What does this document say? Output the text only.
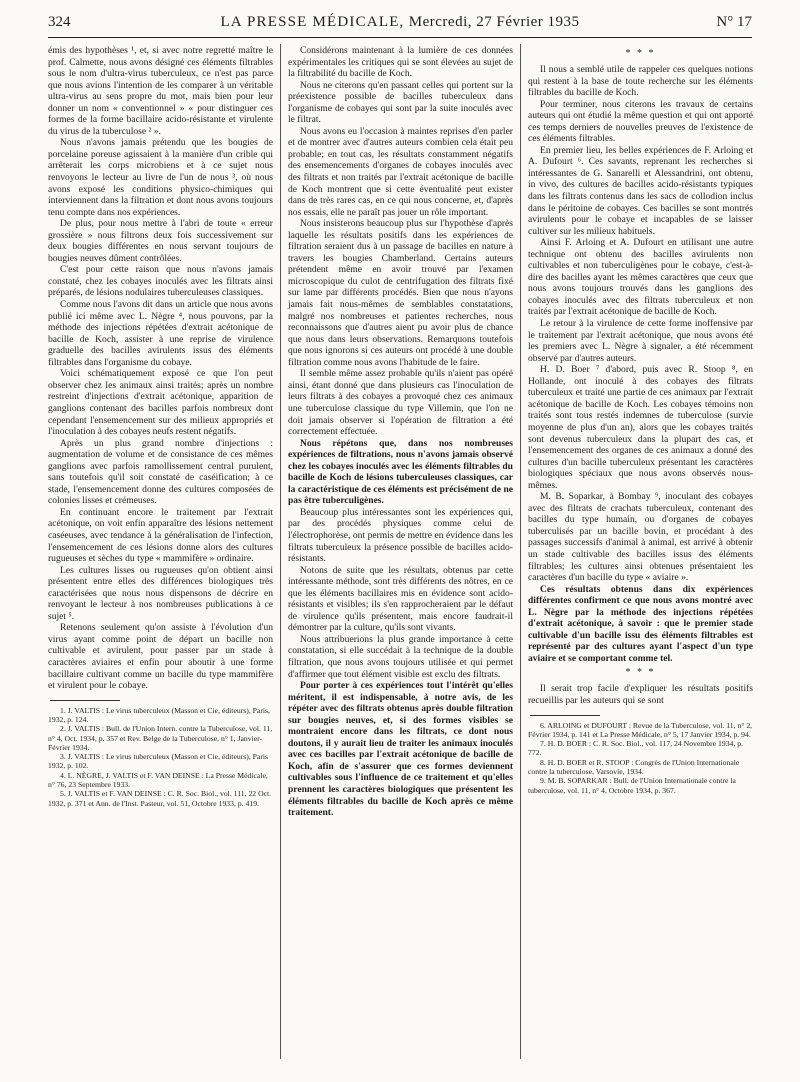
324	LA PRESSE MÉDICALE, Mercredi, 27 Février 1935	N° 17

émis des hypothèses ¹, et, si avec notre regretté maître le prof. Calmette, nous avons désigné ces éléments filtrables sous le nom d'ultra-virus tuberculeux, ce n'est pas parce que nous avions l'intention de les comparer à un véritable ultra-virus au sens propre du mot, mais bien pour leur donner un nom « conventionnel » « pour distinguer ces formes de la forme bacillaire acido-résistante et virulente du virus de la tuberculose ² ».

Nous n'avons jamais prétendu que les bougies de porcelaine poreuse agissaient à la manière d'un crible qui arrêterait les corps microbiens et à ce sujet nous renvoyons le lecteur au livre de l'un de nous ³, où nous avons exposé les conditions physico-chimiques qui interviennent dans la filtration et dont nous avons toujours tenu compte dans nos expériences.

De plus, pour nous mettre à l'abri de toute « erreur grossière » nous filtrons deux fois successivement sur deux bougies différentes en nous servant toujours de bougies neuves dûment contrôlées.

C'est pour cette raison que nous n'avons jamais constaté, chez les cobayes inoculés avec les filtrats ainsi préparés, de lésions nodulaires tuberculeuses classiques.

Comme nous l'avons dit dans un article que nous avons publié ici même avec L. Nègre ⁴, nous pouvons, par la méthode des injections répétées d'extrait acétonique de bacille de Koch, assister à une reprise de virulence graduelle des bacilles avirulents issus des éléments filtrables dans l'organisme du cobaye.

Voici schématiquement exposé ce que l'on peut observer chez les animaux ainsi traités; après un nombre restreint d'injections d'extrait acétonique, apparition de ganglions contenant des bacilles parfois nombreux dont cependant l'ensemencement sur des milieux appropriés et l'inoculation à des cobayes neufs restent négatifs.

Après un plus grand nombre d'injections : augmentation de volume et de consistance de ces mêmes ganglions avec parfois ramollissement central purulent, sans toutefois qu'il soit constaté de caséification; à ce stade, l'ensemencement donne des cultures composées de colonies lisses et crémeuses.

En continuant encore le traitement par l'extrait acétonique, on voit enfin apparaître des lésions nettement caséeuses, avec tendance à la généralisation de l'infection, l'ensemencement de ces lésions donne alors des cultures rugueuses et sèches du type « mammifère » ordinaire.

Les cultures lisses ou rugueuses qu'on obtient ainsi présentent entre elles des différences biologiques très caractérisées que nous nous dispensons de décrire en renvoyant le lecteur à nos nombreuses publications à ce sujet ⁵.

Retenons seulement qu'on assiste à l'évolution d'un virus ayant comme point de départ un bacille non cultivable et avirulent, pour passer par un stade à caractères aviaires et enfin pour aboutir à une forme bacillaire cultivant comme un bacille du type mammifère et virulent pour le cobaye.

1. J. VALTIS : Le virus tuberculeux (Masson et Cie, éditeurs), Paris, 1932, p. 124.

2. J. VALTIS : Bull. de l'Union Intern. contre la Tuberculose, vol. 11, n° 4, Oct. 1934, p. 357 et Rev. Belge de la Tuberculose, n° 1, Janvier-Février 1934.

3. J. VALTIS : Le virus tuberculeux (Masson et Cie, éditeurs), Paris 1932, p. 102.

4. L. NÈGRE, J. VALTIS et F. VAN DEINSE : La Presse Médicale, n° 76, 23 Septembre 1933.

5. J. VALTIS et F. VAN DEINSE : C. R. Soc. Biol., vol. 111, 22 Oct. 1932, p. 371 et Ann. de l'Inst. Pasteur, vol. 51, Octobre 1933, p. 419.

Considérons maintenant à la lumière de ces données expérimentales les critiques qui se sont élevées au sujet de la filtrabilité du bacille de Koch.

Nous ne citerons qu'en passant celles qui portent sur la préexistence possible de bacilles tuberculeux dans l'organisme de cobayes qui sont par la suite inoculés avec le filtrat.

Nous avons eu l'occasion à maintes reprises d'en parler et de montrer avec d'autres auteurs combien cela était peu probable; en tout cas, les résultats constamment négatifs des ensemencements d'organes de cobayes inoculés avec des filtrats et non traités par l'extrait acétonique de bacille de Koch montrent que si cette éventualité peut exister dans de très rares cas, en ce qui nous concerne, et, d'après nos essais, elle ne paraît pas jouer un rôle important.

Nous insisterons beaucoup plus sur l'hypothèse d'après laquelle les résultats positifs dans les expériences de filtration seraient dus à un passage de bacilles en nature à travers les bougies Chamberland. Certains auteurs prétendent même en avoir trouvé par l'examen microscopique du culot de centrifugation des filtrats fixé sur lame par différents procédés. Bien que nous n'ayons jamais fait nous-mêmes de semblables constatations, malgré nos nombreuses et patientes recherches, nous reconnaissons que d'autres aient pu avoir plus de chance que nous dans leurs observations. Remarquons toutefois que nous ignorons si ces auteurs ont procédé à une double filtration comme nous avons l'habitude de le faire.

Il semble même assez probable qu'ils n'aient pas opéré ainsi, étant donné que dans plusieurs cas l'inoculation de leurs filtrats à des cobayes a provoqué chez ces animaux une tuberculose classique du type Villemin, que l'on ne doit jamais observer si l'opération de filtration a été correctement effectuée.

Nous répétons que, dans nos nombreuses expériences de filtrations, nous n'avons jamais observé chez les cobayes inoculés avec les éléments filtrables du bacille de Koch de lésions tuberculeuses classiques, car la caractéristique de ces éléments est précisément de ne pas être tuberculigènes.

Beaucoup plus intéressantes sont les expériences qui, par des procédés physiques comme celui de l'électrophorèse, ont permis de mettre en évidence dans les filtrats tuberculeux la présence possible de bacilles acido-résistants.

Notons de suite que les résultats, obtenus par cette intéressante méthode, sont très différents des nôtres, en ce que les éléments bacillaires mis en évidence sont acido-résistants et visibles; ils s'en rapprocheraient par le défaut de virulence qu'ils présentent, mais encore faudrait-il démontrer par la culture, qu'ils sont vivants.

Nous attribuerions la plus grande importance à cette constatation, si elle succédait à la technique de la double filtration, que nous avons toujours utilisée et qui permet d'affirmer que tout élément visible est exclu des filtrats.

Pour porter à ces expériences tout l'intérêt qu'elles méritent, il est indispensable, à notre avis, de les répéter avec des filtrats obtenus après double filtration sur bougies neuves, et, si des formes visibles se montraient encore dans les filtrats, ce dont nous doutons, il y aurait lieu de traiter les animaux inoculés avec ces bacilles par l'extrait acétonique de bacille de Koch, afin de s'assurer que ces formes deviennent cultivables sous l'influence de ce traitement et qu'elles prennent les caractères biologiques que présentent les éléments filtrables du bacille de Koch après ce même traitement.

* * *

Il nous a semblé utile de rappeler ces quelques notions qui restent à la base de toute recherche sur les éléments filtrables du bacille de Koch.

Pour terminer, nous citerons les travaux de certains auteurs qui ont étudié la même question et qui ont apporté ces temps derniers de nouvelles preuves de l'existence de ces éléments filtrables.

En premier lieu, les belles expériences de F. Arloing et A. Dufourt ⁶. Ces savants, reprenant les recherches si intéressantes de G. Sanarelli et Alessandrini, ont obtenu, in vivo, des cultures de bacilles acido-résistants typiques dans les filtrats contenus dans les sacs de collodion inclus dans le péritoine de cobayes. Ces bacilles se sont montrés avirulents pour le cobaye et incapables de se laisser cultiver sur les milieux habituels.

Ainsi F. Arloing et A. Dufourt en utilisant une autre technique ont obtenu des bacilles avirulents non cultivables et non tuberculigènes pour le cobaye, c'est-à-dire des bacilles ayant les mêmes caractères que ceux que nous avons toujours trouvés dans les ganglions des cobayes inoculés avec des filtrats tuberculeux et non traités par l'extrait acétonique de bacille de Koch.

Le retour à la virulence de cette forme inoffensive par le traitement par l'extrait acétonique, que nous avons été les premiers avec L. Nègre à signaler, a été récemment observé par d'autres auteurs.

H. D. Boer ⁷ d'abord, puis avec R. Stoop ⁸, en Hollande, ont inoculé à des cobayes des filtrats tuberculeux et traité une partie de ces animaux par l'extrait acétonique de bacille de Koch. Les cobayes témoins non traités sont tous restés indemnes de tuberculose (survie moyenne de plus d'un an), alors que les cobayes traités sont devenus tuberculeux dans la plupart des cas, et l'ensemencement des organes de ces animaux a donné des cultures d'un bacille tuberculeux présentant les caractères biologiques spéciaux que nous avons observés nous-mêmes.

M. B. Soparkar, à Bombay ⁹, inoculant des cobayes avec des filtrats de crachats tuberculeux, contenant des bacilles du type humain, ou d'organes de cobayes tuberculisés par un bacille bovin, et procédant à des passages successifs d'animal à animal, est arrivé à obtenir un stade cultivable des bacilles issus des éléments filtrables; les cultures ainsi obtenues présentaient les caractères d'un bacille du type « aviaire ».

Ces résultats obtenus dans dix expériences différentes confirment ce que nous avons montré avec L. Nègre par la méthode des injections répétées d'extrait acétonique, à savoir : que le premier stade cultivable d'un bacille issu des éléments filtrables est représenté par des cultures ayant l'aspect d'un type aviaire et se comportant comme tel.

* * *

Il serait trop facile d'expliquer les résultats positifs recueillis par les auteurs qui se sont

6. ARLOING et DUFOURT : Revue de la Tuberculose, vol. 11, n° 2, Février 1934, p. 141 et La Presse Médicale, n° 5, 17 Janvier 1934, p. 94.

7. H. D. BOER : C. R. Soc. Biol., vol. 117, 24 Novembre 1934, p. 772.

8. H. D. BOER et R. STOOP : Congrès de l'Union Internationale contre la tuberculose, Varsovie, 1934.

9. M. B. SOPARKAR : Bull. de l'Union Internationale contre la tuberculose, vol. 11, n° 4, Octobre 1934, p. 367.
